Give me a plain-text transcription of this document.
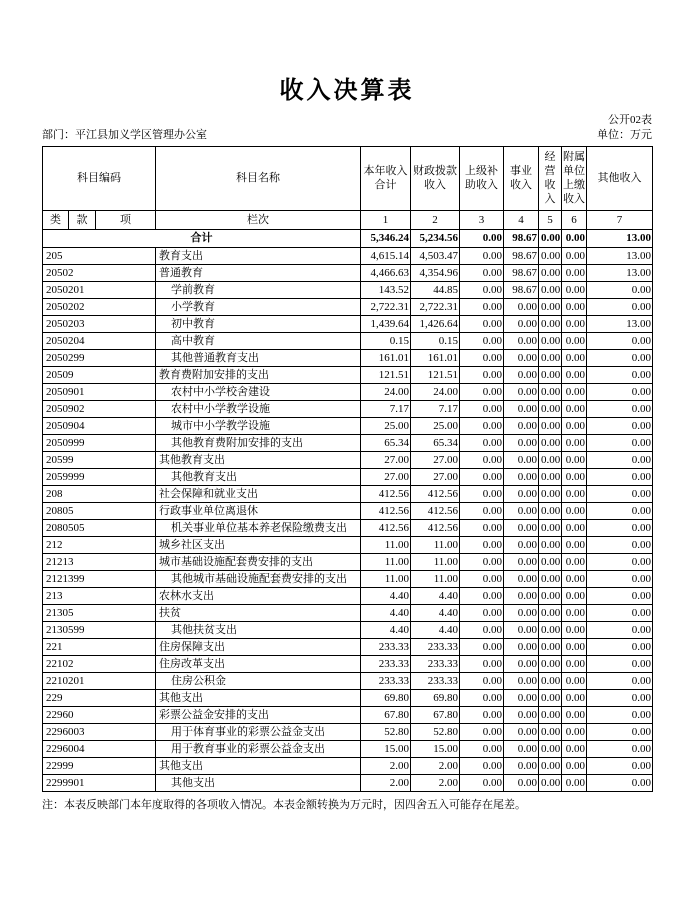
收入决算表
公开02表
部门：平江县加义学区管理办公室	单位：万元
科目编码			科目名称	本年收入合计	财政拨款收入	上级补助收入	事业收入	经营收入	附属单位上缴收入	其他收入
类	款	项	栏次	1	2	3	4	5	6	7
合计				5,346.24	5,234.56	0.00	98.67	0.00	0.00	13.00
205			教育支出	4,615.14	4,503.47	0.00	98.67	0.00	0.00	13.00
20502			普通教育	4,466.63	4,354.96	0.00	98.67	0.00	0.00	13.00
2050201			学前教育	143.52	44.85	0.00	98.67	0.00	0.00	0.00
2050202			小学教育	2,722.31	2,722.31	0.00	0.00	0.00	0.00	0.00
2050203			初中教育	1,439.64	1,426.64	0.00	0.00	0.00	0.00	13.00
2050204			高中教育	0.15	0.15	0.00	0.00	0.00	0.00	0.00
2050299			其他普通教育支出	161.01	161.01	0.00	0.00	0.00	0.00	0.00
20509			教育费附加安排的支出	121.51	121.51	0.00	0.00	0.00	0.00	0.00
2050901			农村中小学校舍建设	24.00	24.00	0.00	0.00	0.00	0.00	0.00
2050902			农村中小学教学设施	7.17	7.17	0.00	0.00	0.00	0.00	0.00
2050904			城市中小学教学设施	25.00	25.00	0.00	0.00	0.00	0.00	0.00
2050999			其他教育费附加安排的支出	65.34	65.34	0.00	0.00	0.00	0.00	0.00
20599			其他教育支出	27.00	27.00	0.00	0.00	0.00	0.00	0.00
2059999			其他教育支出	27.00	27.00	0.00	0.00	0.00	0.00	0.00
208			社会保障和就业支出	412.56	412.56	0.00	0.00	0.00	0.00	0.00
20805			行政事业单位离退休	412.56	412.56	0.00	0.00	0.00	0.00	0.00
2080505			机关事业单位基本养老保险缴费支出	412.56	412.56	0.00	0.00	0.00	0.00	0.00
212			城乡社区支出	11.00	11.00	0.00	0.00	0.00	0.00	0.00
21213			城市基础设施配套费安排的支出	11.00	11.00	0.00	0.00	0.00	0.00	0.00
2121399			其他城市基础设施配套费安排的支出	11.00	11.00	0.00	0.00	0.00	0.00	0.00
213			农林水支出	4.40	4.40	0.00	0.00	0.00	0.00	0.00
21305			扶贫	4.40	4.40	0.00	0.00	0.00	0.00	0.00
2130599			其他扶贫支出	4.40	4.40	0.00	0.00	0.00	0.00	0.00
221			住房保障支出	233.33	233.33	0.00	0.00	0.00	0.00	0.00
22102			住房改革支出	233.33	233.33	0.00	0.00	0.00	0.00	0.00
2210201			住房公积金	233.33	233.33	0.00	0.00	0.00	0.00	0.00
229			其他支出	69.80	69.80	0.00	0.00	0.00	0.00	0.00
22960			彩票公益金安排的支出	67.80	67.80	0.00	0.00	0.00	0.00	0.00
2296003			用于体育事业的彩票公益金支出	52.80	52.80	0.00	0.00	0.00	0.00	0.00
2296004			用于教育事业的彩票公益金支出	15.00	15.00	0.00	0.00	0.00	0.00	0.00
22999			其他支出	2.00	2.00	0.00	0.00	0.00	0.00	0.00
2299901			其他支出	2.00	2.00	0.00	0.00	0.00	0.00	0.00
注：本表反映部门本年度取得的各项收入情况。本表金额转换为万元时，因四舍五入可能存在尾差。
